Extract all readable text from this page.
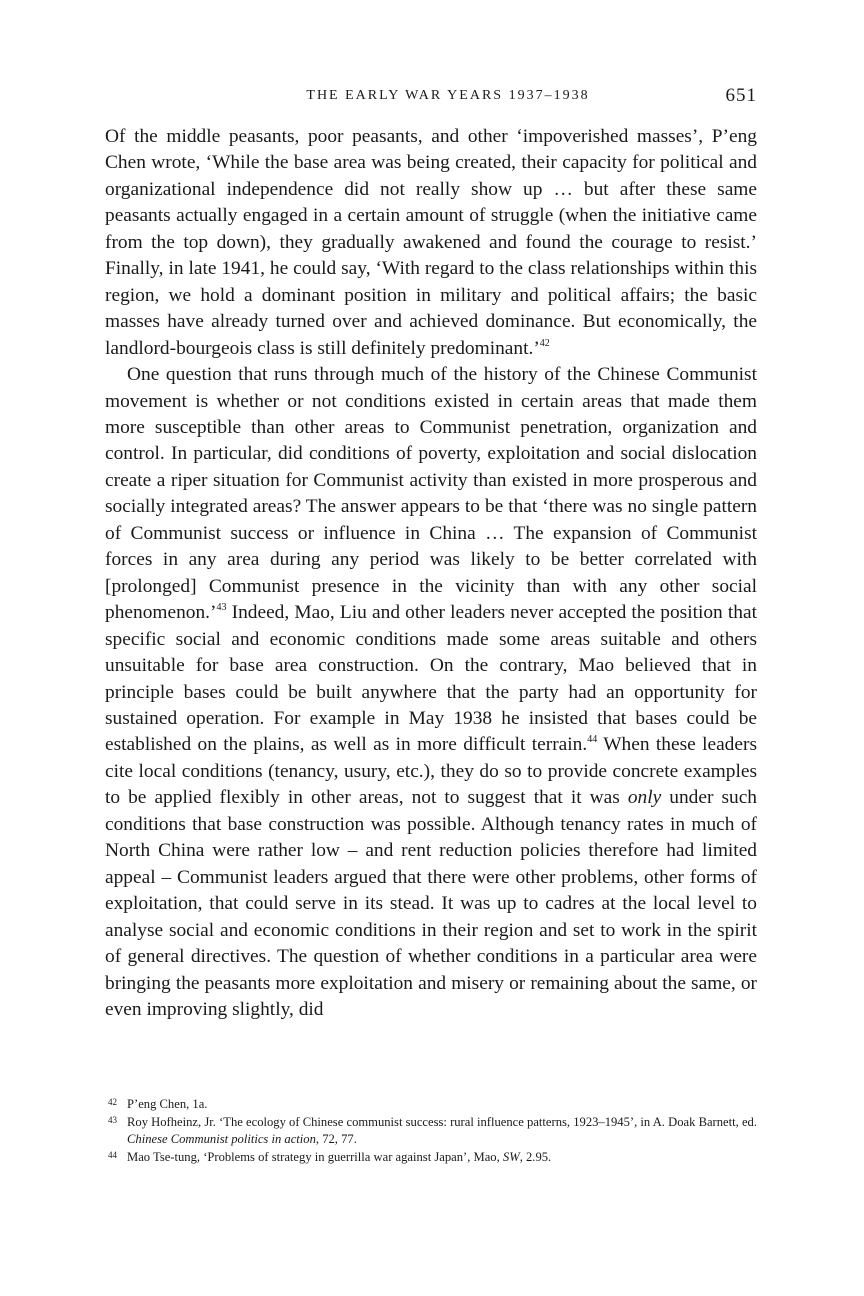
THE EARLY WAR YEARS 1937–1938	651

Of the middle peasants, poor peasants, and other ‘impoverished masses’, P’eng Chen wrote, ‘While the base area was being created, their capacity for political and organizational independence did not really show up … but after these same peasants actually engaged in a certain amount of struggle (when the initiative came from the top down), they gradually awakened and found the courage to resist.’ Finally, in late 1941, he could say, ‘With regard to the class relationships within this region, we hold a dominant position in military and political affairs; the basic masses have already turned over and achieved dominance. But economically, the landlord-bourgeois class is still definitely predominant.’$^{42}$

One question that runs through much of the history of the Chinese Communist movement is whether or not conditions existed in certain areas that made them more susceptible than other areas to Communist penetration, organization and control. In particular, did conditions of poverty, exploitation and social dislocation create a riper situation for Communist activity than existed in more prosperous and socially integrated areas? The answer appears to be that ‘there was no single pattern of Communist success or influence in China … The expansion of Communist forces in any area during any period was likely to be better correlated with [prolonged] Communist presence in the vicinity than with any other social phenomenon.’$^{43}$ Indeed, Mao, Liu and other leaders never accepted the position that specific social and economic conditions made some areas suitable and others unsuitable for base area construction. On the contrary, Mao believed that in principle bases could be built anywhere that the party had an opportunity for sustained operation. For example in May 1938 he insisted that bases could be established on the plains, as well as in more difficult terrain.$^{44}$ When these leaders cite local conditions (tenancy, usury, etc.), they do so to provide concrete examples to be applied flexibly in other areas, not to suggest that it was only under such conditions that base construction was possible. Although tenancy rates in much of North China were rather low – and rent reduction policies therefore had limited appeal – Communist leaders argued that there were other problems, other forms of exploitation, that could serve in its stead. It was up to cadres at the local level to analyse social and economic conditions in their region and set to work in the spirit of general directives. The question of whether conditions in a particular area were bringing the peasants more exploitation and misery or remaining about the same, or even improving slightly, did

42 P’eng Chen, 1a.
43 Roy Hofheinz, Jr. ‘The ecology of Chinese communist success: rural influence patterns, 1923–1945’, in A. Doak Barnett, ed. Chinese Communist politics in action, 72, 77.
44 Mao Tse-tung, ‘Problems of strategy in guerrilla war against Japan’, Mao, SW, 2.95.
